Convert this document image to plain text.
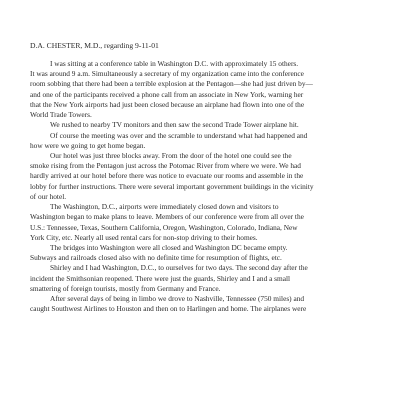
D.A. CHESTER, M.D., regarding 9-11-01
I was sitting at a conference table in Washington D.C. with approximately 15 others.
It was around 9 a.m. Simultaneously a secretary of my organization came into the conference
room sobbing that there had been a terrible explosion at the Pentagon—she had just driven by—
and one of the participants received a phone call from an associate in New York, warning her
that the New York airports had just been closed because an airplane had flown into one of the
World Trade Towers.
We rushed to nearby TV monitors and then saw the second Trade Tower airplane hit.
Of course the meeting was over and the scramble to understand what had happened and
how were we going to get home began.
Our hotel was just three blocks away. From the door of the hotel one could see the
smoke rising from the Pentagon just across the Potomac River from where we were. We had
hardly arrived at our hotel before there was notice to evacuate our rooms and assemble in the
lobby for further instructions. There were several important government buildings in the vicinity
of our hotel.
The Washington, D.C., airports were immediately closed down and visitors to
Washington began to make plans to leave. Members of our conference were from all over the
U.S.: Tennessee, Texas, Southern California, Oregon, Washington, Colorado, Indiana, New
York City, etc. Nearly all used rental cars for non-stop driving to their homes.
The bridges into Washington were all closed and Washington DC became empty.
Subways and railroads closed also with no definite time for resumption of flights, etc.
Shirley and I had Washington, D.C., to ourselves for two days. The second day after the
incident the Smithsonian reopened. There were just the guards, Shirley and I and a small
smattering of foreign tourists, mostly from Germany and France.
After several days of being in limbo we drove to Nashville, Tennessee (750 miles) and
caught Southwest Airlines to Houston and then on to Harlingen and home. The airplanes were
